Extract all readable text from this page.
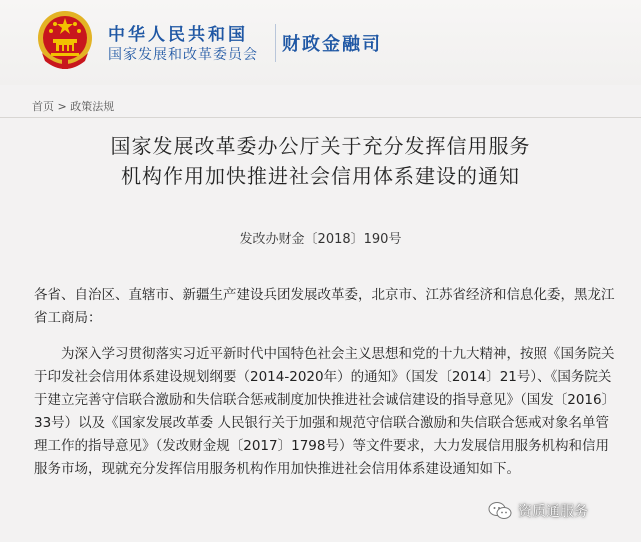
中华人民共和国
国家发展和改革委员会 财政金融司
首页 > 政策法规
国家发展改革委办公厅关于充分发挥信用服务
机构作用加快推进社会信用体系建设的通知
发改办财金〔2018〕190号
各省、自治区、直辖市、新疆生产建设兵团发展改革委，北京市、江苏省经济和信息化委，黑龙江省工商局：
为深入学习贯彻落实习近平新时代中国特色社会主义思想和党的十九大精神，按照《国务院关于印发社会信用体系建设规划纲要（2014-2020年）的通知》（国发〔2014〕21号）、《国务院关于建立完善守信联合激励和失信联合惩戒制度加快推进社会诚信建设的指导意见》（国发〔2016〕33号）以及《国家发展改革委 人民银行关于加强和规范守信联合激励和失信联合惩戒对象名单管理工作的指导意见》（发改财金规〔2017〕1798号）等文件要求，大力发展信用服务机构和信用服务市场，现就充分发挥信用服务机构作用加快推进社会信用体系建设通知如下。
资质通服务
